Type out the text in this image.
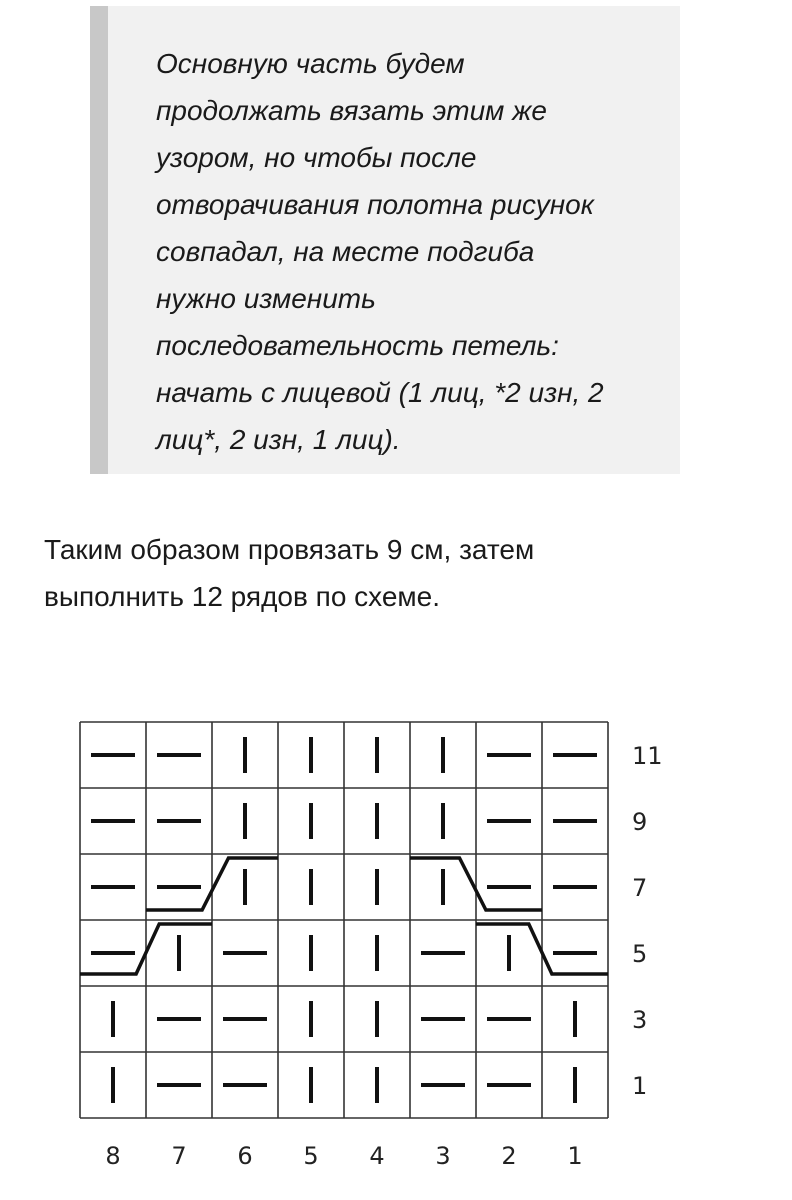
Основную часть будем
продолжать вязать этим же
узором, но чтобы после
отворачивания полотна рисунок
совпадал, на месте подгиба
нужно изменить
последовательность петель:
начать с лицевой (1 лиц, *2 изн, 2
лиц*, 2 изн, 1 лиц).

Таким образом провязать 9 см, затем
выполнить 12 рядов по схеме.

11
9
7
5
3
1
8 7 6 5 4 3 2 1
